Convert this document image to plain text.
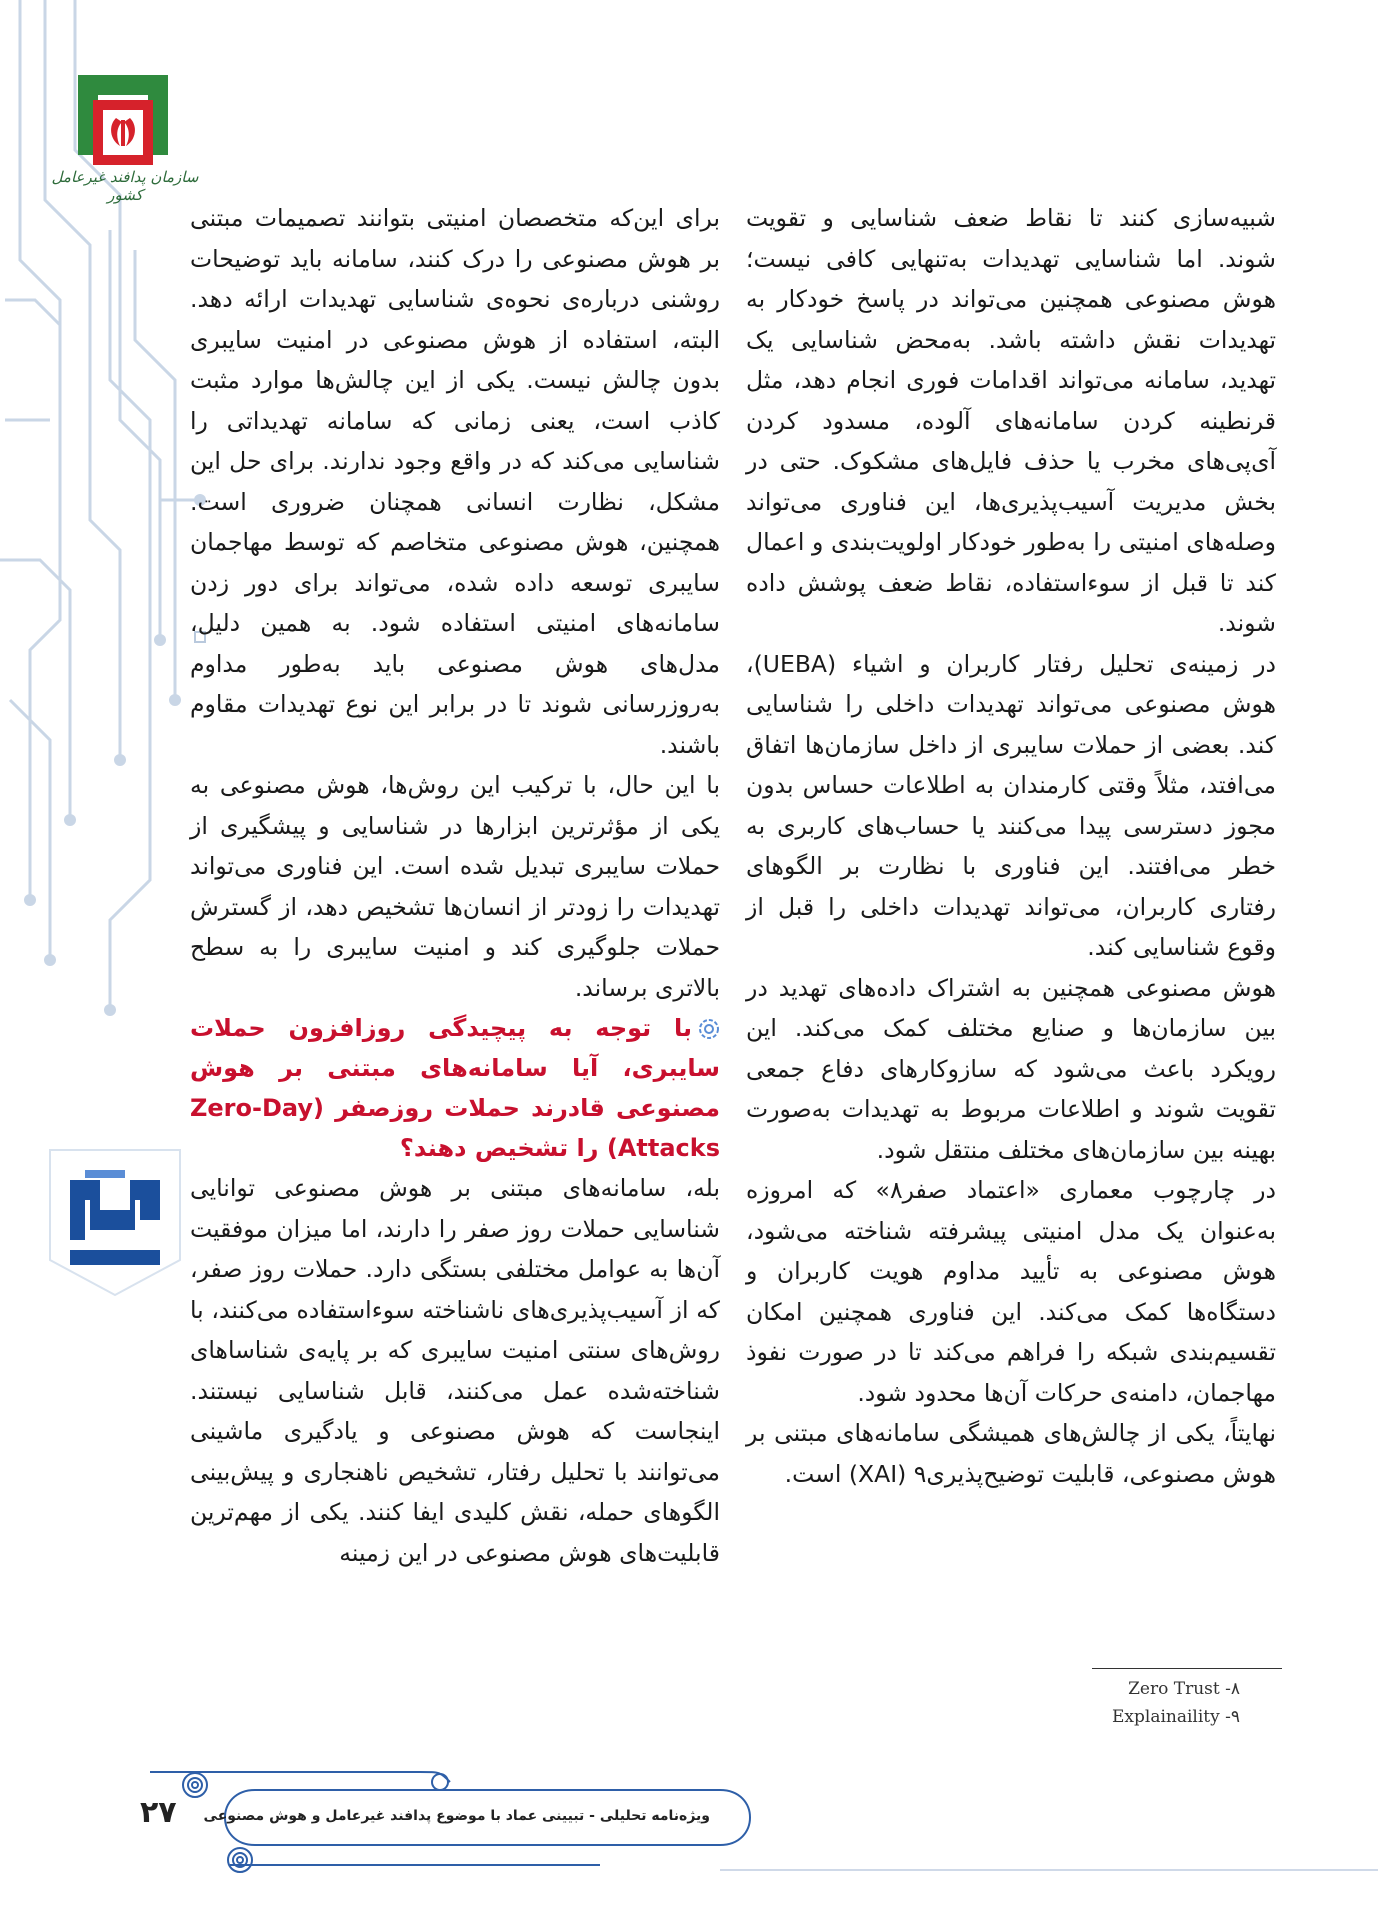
سازمان پدافند غیرعامل کشور

شبیه‌سازی کنند تا نقاط ضعف شناسایی و تقویت شوند. اما شناسایی تهدیدات به‌تنهایی کافی نیست؛ هوش مصنوعی همچنین می‌تواند در پاسخ خودکار به تهدیدات نقش داشته باشد. به‌محض شناسایی یک تهدید، سامانه می‌تواند اقدامات فوری انجام دهد، مثل قرنطینه کردن سامانه‌های آلوده، مسدود کردن آی‌پی‌های مخرب یا حذف فایل‌های مشکوک. حتی در بخش مدیریت آسیب‌پذیری‌ها، این فناوری می‌تواند وصله‌های امنیتی را به‌طور خودکار اولویت‌بندی و اعمال کند تا قبل از سوءاستفاده، نقاط ضعف پوشش داده شوند.

در زمینه‌ی تحلیل رفتار کاربران و اشیاء (UEBA)، هوش مصنوعی می‌تواند تهدیدات داخلی را شناسایی کند. بعضی از حملات سایبری از داخل سازمان‌ها اتفاق می‌افتد، مثلاً وقتی کارمندان به اطلاعات حساس بدون مجوز دسترسی پیدا می‌کنند یا حساب‌های کاربری به خطر می‌افتند. این فناوری با نظارت بر الگوهای رفتاری کاربران، می‌تواند تهدیدات داخلی را قبل از وقوع شناسایی کند.

هوش مصنوعی همچنین به اشتراک داده‌های تهدید در بین سازمان‌ها و صنایع مختلف کمک می‌کند. این رویکرد باعث می‌شود که سازوکارهای دفاع جمعی تقویت شوند و اطلاعات مربوط به تهدیدات به‌صورت بهینه بین سازمان‌های مختلف منتقل شود.

در چارچوب معماری «اعتماد صفر۸» که امروزه به‌عنوان یک مدل امنیتی پیشرفته شناخته می‌شود، هوش مصنوعی به تأیید مداوم هویت کاربران و دستگاه‌ها کمک می‌کند. این فناوری همچنین امکان تقسیم‌بندی شبکه را فراهم می‌کند تا در صورت نفوذ مهاجمان، دامنه‌ی حرکات آن‌ها محدود شود.

نهایتاً، یکی از چالش‌های همیشگی سامانه‌های مبتنی بر هوش مصنوعی، قابلیت توضیح‌پذیری۹ (XAI) است.

برای این‌که متخصصان امنیتی بتوانند تصمیمات مبتنی بر هوش مصنوعی را درک کنند، سامانه باید توضیحات روشنی درباره‌ی نحوه‌ی شناسایی تهدیدات ارائه دهد. البته، استفاده از هوش مصنوعی در امنیت سایبری بدون چالش نیست. یکی از این چالش‌ها موارد مثبت کاذب است، یعنی زمانی که سامانه تهدیداتی را شناسایی می‌کند که در واقع وجود ندارند. برای حل این مشکل، نظارت انسانی همچنان ضروری است. همچنین، هوش مصنوعی متخاصم که توسط مهاجمان سایبری توسعه داده شده، می‌تواند برای دور زدن سامانه‌های امنیتی استفاده شود. به همین دلیل، مدل‌های هوش مصنوعی باید به‌طور مداوم به‌روزرسانی شوند تا در برابر این نوع تهدیدات مقاوم باشند.

با این حال، با ترکیب این روش‌ها، هوش مصنوعی به یکی از مؤثرترین ابزارها در شناسایی و پیشگیری از حملات سایبری تبدیل شده است. این فناوری می‌تواند تهدیدات را زودتر از انسان‌ها تشخیص دهد، از گسترش حملات جلوگیری کند و امنیت سایبری را به سطح بالاتری برساند.

با توجه به پیچیدگی روزافزون حملات سایبری، آیا سامانه‌های مبتنی بر هوش مصنوعی قادرند حملات روزصفر (Zero-Day Attacks) را تشخیص دهند؟

بله، سامانه‌های مبتنی بر هوش مصنوعی توانایی شناسایی حملات روز صفر را دارند، اما میزان موفقیت آن‌ها به عوامل مختلفی بستگی دارد. حملات روز صفر، که از آسیب‌پذیری‌های ناشناخته سوءاستفاده می‌کنند، با روش‌های سنتی امنیت سایبری که بر پایه‌ی شناساهای شناخته‌شده عمل می‌کنند، قابل شناسایی نیستند. اینجاست که هوش مصنوعی و یادگیری ماشینی می‌توانند با تحلیل رفتار، تشخیص ناهنجاری و پیش‌بینی الگوهای حمله، نقش کلیدی ایفا کنند. یکی از مهم‌ترین قابلیت‌های هوش مصنوعی در این زمینه

Zero Trust -۸
Explainaility -۹
ویژه‌نامه تحلیلی - تبیینی عماد با موضوع پدافند غیرعامل و هوش مصنوعی
۲۷
